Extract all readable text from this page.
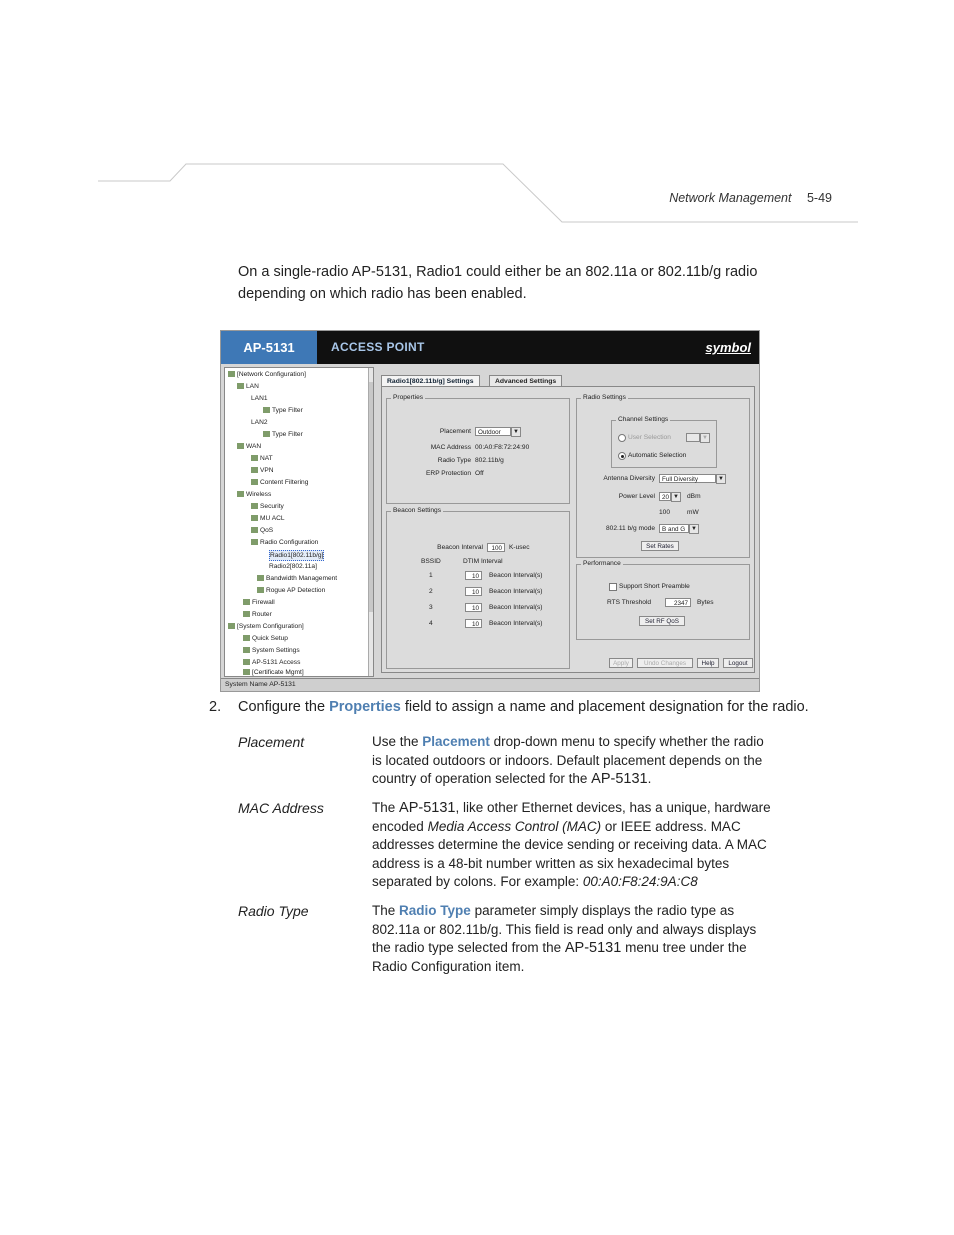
Network Management 5-49
On a single-radio AP-5131, Radio1 could either be an 802.11a or 802.11b/g radio depending on which radio has been enabled.
AP-5131	ACCESS POINT	symbol
[Network Configuration]
LAN
LAN1
Type Filter
LAN2
Type Filter
WAN
NAT
VPN
Content Filtering
Wireless
Security
MU ACL
QoS
Radio Configuration
Radio1[802.11b/g]
Radio2[802.11a]
Bandwidth Management
Rogue AP Detection
Firewall
Router
[System Configuration]
Quick Setup
System Settings
AP-5131 Access
[Certificate Mgmt]
Radio1[802.11b/g] Settings	Advanced Settings
Properties
Placement	Outdoor	▼
MAC Address 00:A0:F8:72:24:90
Radio Type 802.11b/g
ERP Protection Off
Beacon Settings
Beacon Interval	100	K-usec
BSSID	DTIM Interval
1	10	Beacon Interval(s)
2	10	Beacon Interval(s)
3	10	Beacon Interval(s)
4	10	Beacon Interval(s)
Radio Settings
Channel Settings
User Selection	▼
Automatic Selection
Antenna Diversity	Full Diversity	▼
Power Level	20 ▼	dBm
100	mW
802.11 b/g mode	B and G ▼
Set Rates
Performance
Support Short Preamble
RTS Threshold	2347	Bytes
Set RF QoS
Apply	Undo Changes	Help	Logout
System Name AP-5131
2. Configure the Properties field to assign a name and placement designation for the radio.
Placement	Use the Placement drop-down menu to specify whether the radio is located outdoors or indoors. Default placement depends on the country of operation selected for the AP-5131.
MAC Address	The AP-5131, like other Ethernet devices, has a unique, hardware encoded Media Access Control (MAC) or IEEE address. MAC addresses determine the device sending or receiving data. A MAC address is a 48-bit number written as six hexadecimal bytes separated by colons. For example: 00:A0:F8:24:9A:C8
Radio Type	The Radio Type parameter simply displays the radio type as 802.11a or 802.11b/g. This field is read only and always displays the radio type selected from the AP-5131 menu tree under the Radio Configuration item.
